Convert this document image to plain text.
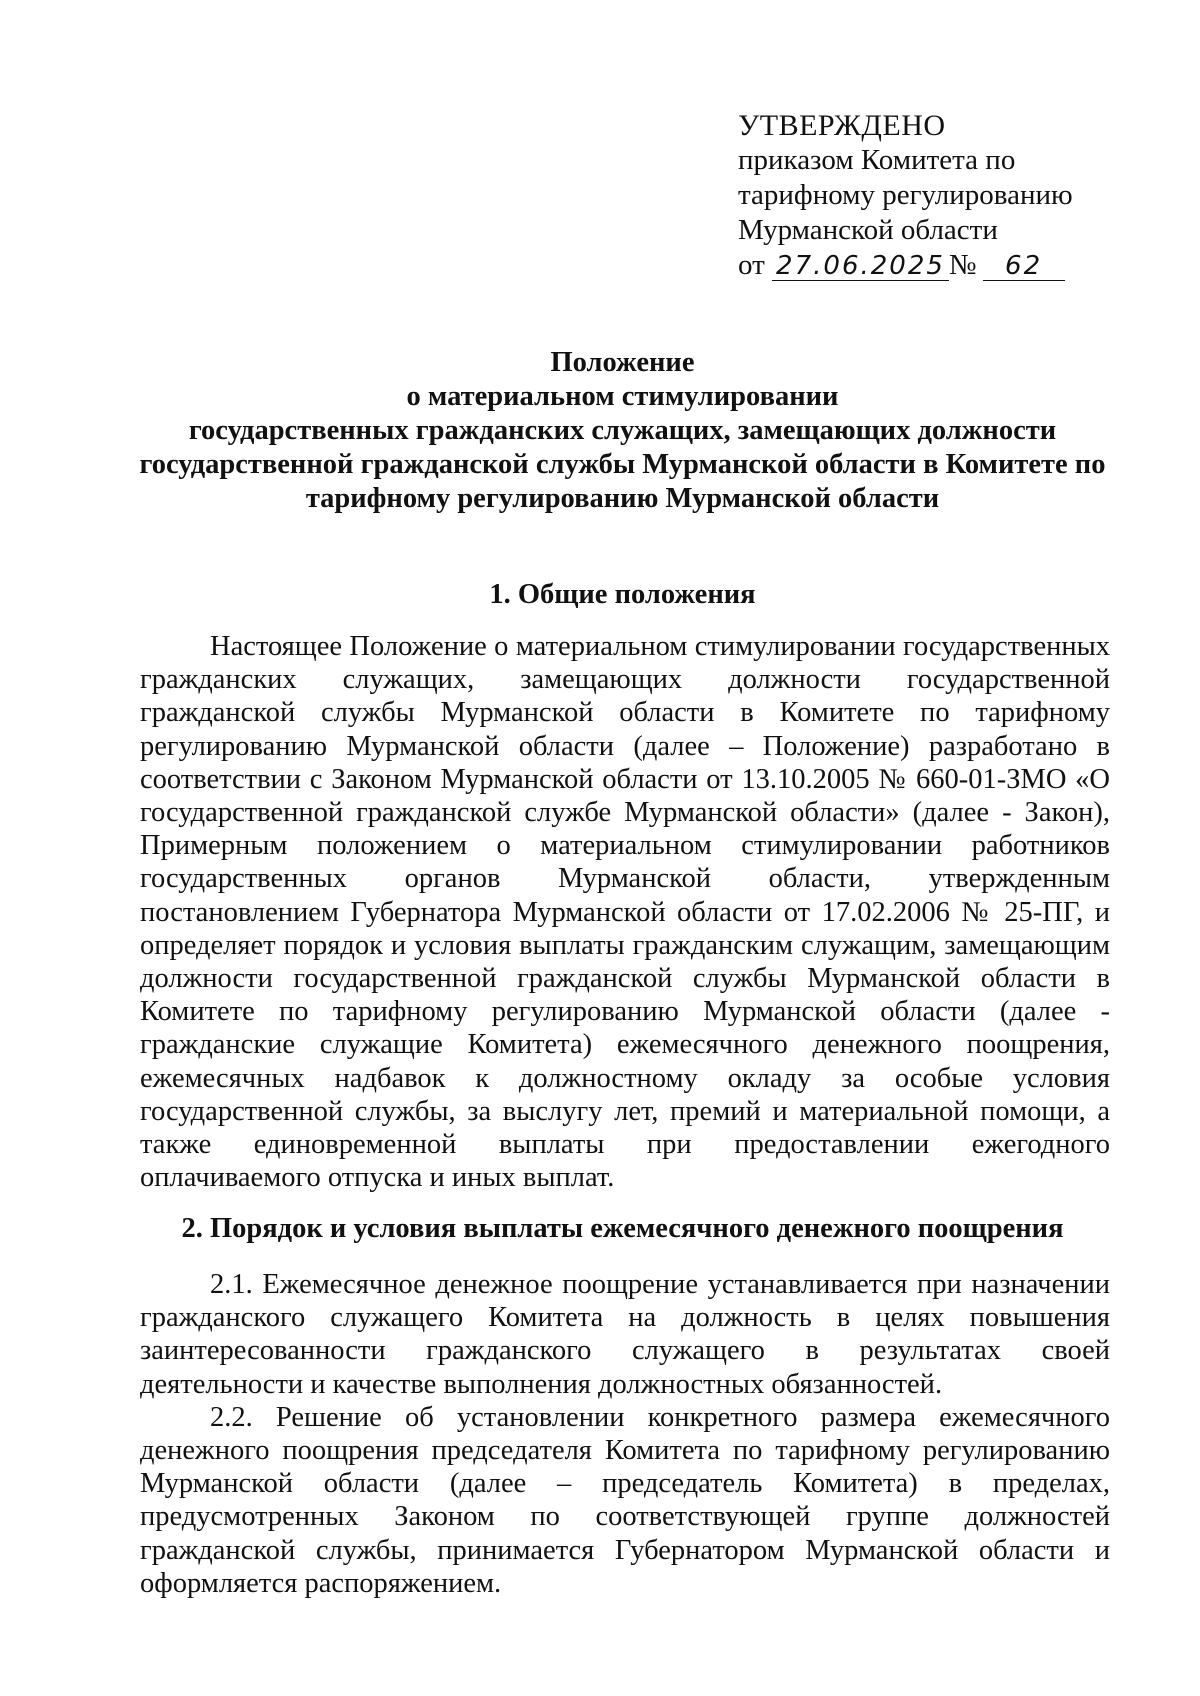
УТВЕРЖДЕНО
приказом Комитета по
тарифному регулированию
Мурманской области
от 27.06.2025 № 62
Положение
о материальном стимулировании
государственных гражданских служащих, замещающих должности
государственной гражданской службы Мурманской области в Комитете по
тарифному регулированию Мурманской области
1. Общие положения

Настоящее Положение о материальном стимулировании государственных гражданских служащих, замещающих должности государственной гражданской службы Мурманской области в Комитете по тарифному регулированию Мурманской области (далее – Положение) разработано в соответствии с Законом Мурманской области от 13.10.2005 № 660-01-ЗМО «О государственной гражданской службе Мурманской области» (далее - Закон), Примерным положением о материальном стимулировании работников государственных органов Мурманской области, утвержденным постановлением Губернатора Мурманской области от 17.02.2006 № 25-ПГ, и определяет порядок и условия выплаты гражданским служащим, замещающим должности государственной гражданской службы Мурманской области в Комитете по тарифному регулированию Мурманской области (далее - гражданские служащие Комитета) ежемесячного денежного поощрения, ежемесячных надбавок к должностному окладу за особые условия государственной службы, за выслугу лет, премий и материальной помощи, а также единовременной выплаты при предоставлении ежегодного оплачиваемого отпуска и иных выплат.

2. Порядок и условия выплаты ежемесячного денежного поощрения

2.1. Ежемесячное денежное поощрение устанавливается при назначении гражданского служащего Комитета на должность в целях повышения заинтересованности гражданского служащего в результатах своей деятельности и качестве выполнения должностных обязанностей.

2.2. Решение об установлении конкретного размера ежемесячного денежного поощрения председателя Комитета по тарифному регулированию Мурманской области (далее – председатель Комитета) в пределах, предусмотренных Законом по соответствующей группе должностей гражданской службы, принимается Губернатором Мурманской области и оформляется распоряжением.
